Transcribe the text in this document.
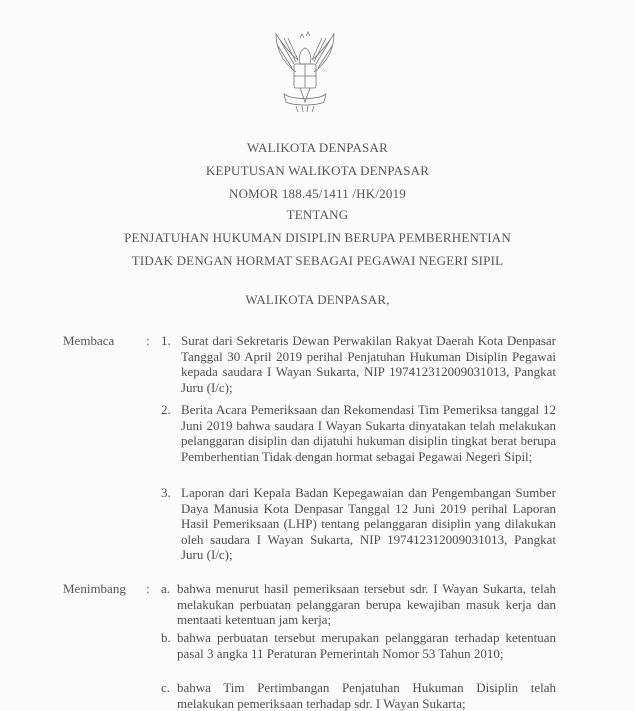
WALIKOTA DENPASAR
KEPUTUSAN WALIKOTA DENPASAR
NOMOR 188.45/1411 /HK/2019
TENTANG
PENJATUHAN HUKUMAN DISIPLIN BERUPA PEMBERHENTIAN
TIDAK DENGAN HORMAT SEBAGAI PEGAWAI NEGERI SIPIL
WALIKOTA DENPASAR,
Membaca : 1. Surat dari Sekretaris Dewan Perwakilan Rakyat Daerah Kota Denpasar Tanggal 30 April 2019 perihal Penjatuhan Hukuman Disiplin Pegawai kepada saudara I Wayan Sukarta, NIP 197412312009031013, Pangkat Juru (I/c);
2. Berita Acara Pemeriksaan dan Rekomendasi Tim Pemeriksa tanggal 12 Juni 2019 bahwa saudara I Wayan Sukarta dinyatakan telah melakukan pelanggaran disiplin dan dijatuhi hukuman disiplin tingkat berat berupa Pemberhentian Tidak dengan hormat sebagai Pegawai Negeri Sipil;
3. Laporan dari Kepala Badan Kepegawaian dan Pengembangan Sumber Daya Manusia Kota Denpasar Tanggal 12 Juni 2019 perihal Laporan Hasil Pemeriksaan (LHP) tentang pelanggaran disiplin yang dilakukan oleh saudara I Wayan Sukarta, NIP 197412312009031013, Pangkat Juru (I/c);
Menimbang : a. bahwa menurut hasil pemeriksaan tersebut sdr. I Wayan Sukarta, telah melakukan perbuatan pelanggaran berupa kewajiban masuk kerja dan mentaati ketentuan jam kerja;
b. bahwa perbuatan tersebut merupakan pelanggaran terhadap ketentuan pasal 3 angka 11 Peraturan Pemerintah Nomor 53 Tahun 2010;
c. bahwa Tim Pertimbangan Penjatuhan Hukuman Disiplin telah melakukan pemeriksaan terhadap sdr. I Wayan Sukarta;
